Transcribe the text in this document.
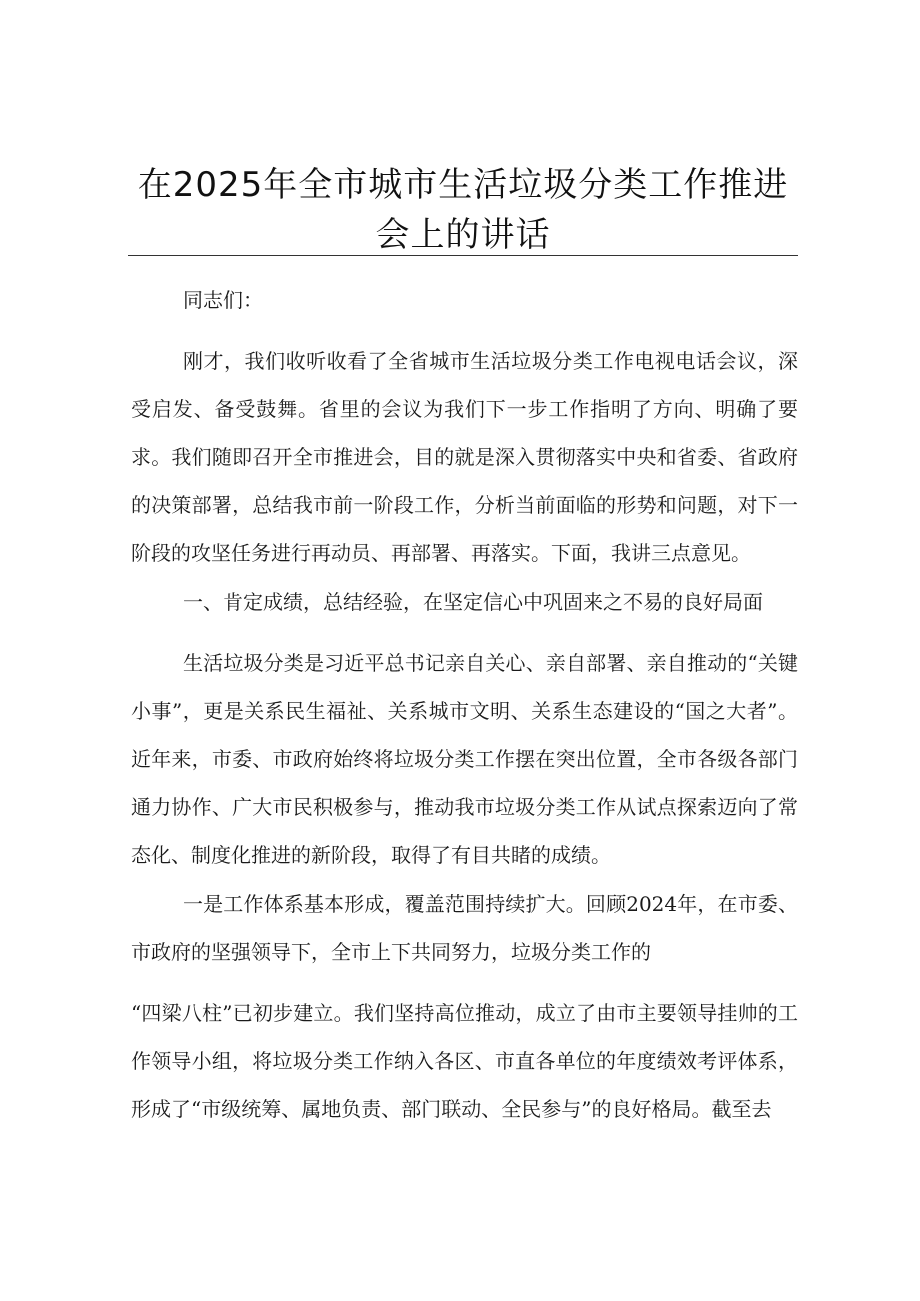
在2025年全市城市生活垃圾分类工作推进会上的讲话

同志们：

刚才，我们收听收看了全省城市生活垃圾分类工作电视电话会议，深受启发、备受鼓舞。省里的会议为我们下一步工作指明了方向、明确了要求。我们随即召开全市推进会，目的就是深入贯彻落实中央和省委、省政府的决策部署，总结我市前一阶段工作，分析当前面临的形势和问题，对下一阶段的攻坚任务进行再动员、再部署、再落实。下面，我讲三点意见。

一、肯定成绩，总结经验，在坚定信心中巩固来之不易的良好局面

生活垃圾分类是习近平总书记亲自关心、亲自部署、亲自推动的“关键小事”，更是关系民生福祉、关系城市文明、关系生态建设的“国之大者”。近年来，市委、市政府始终将垃圾分类工作摆在突出位置，全市各级各部门通力协作、广大市民积极参与，推动我市垃圾分类工作从试点探索迈向了常态化、制度化推进的新阶段，取得了有目共睹的成绩。

一是工作体系基本形成，覆盖范围持续扩大。回顾2024年，在市委、市政府的坚强领导下，全市上下共同努力，垃圾分类工作的

“四梁八柱”已初步建立。我们坚持高位推动，成立了由市主要领导挂帅的工作领导小组，将垃圾分类工作纳入各区、市直各单位的年度绩效考评体系，形成了“市级统筹、属地负责、部门联动、全民参与”的良好格局。截至去
